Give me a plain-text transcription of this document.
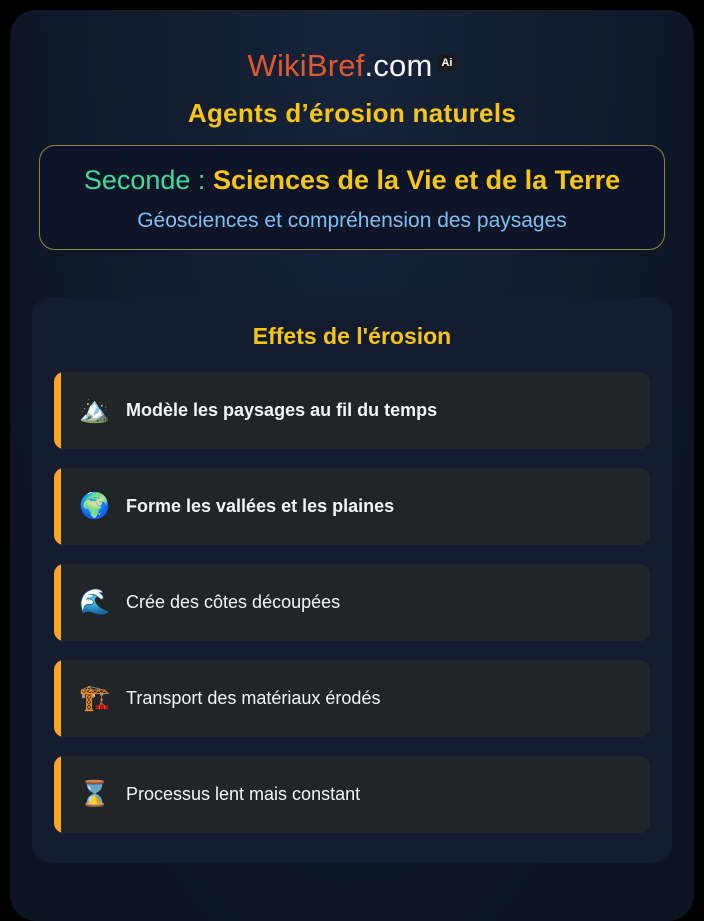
WikiBref.com Ai
Agents d’érosion naturels
Seconde : Sciences de la Vie et de la Terre
Géosciences et compréhension des paysages
Effets de l'érosion
🏔️ Modèle les paysages au fil du temps
🌍 Forme les vallées et les plaines
🌊 Crée des côtes découpées
🏗️ Transport des matériaux érodés
⌛ Processus lent mais constant
